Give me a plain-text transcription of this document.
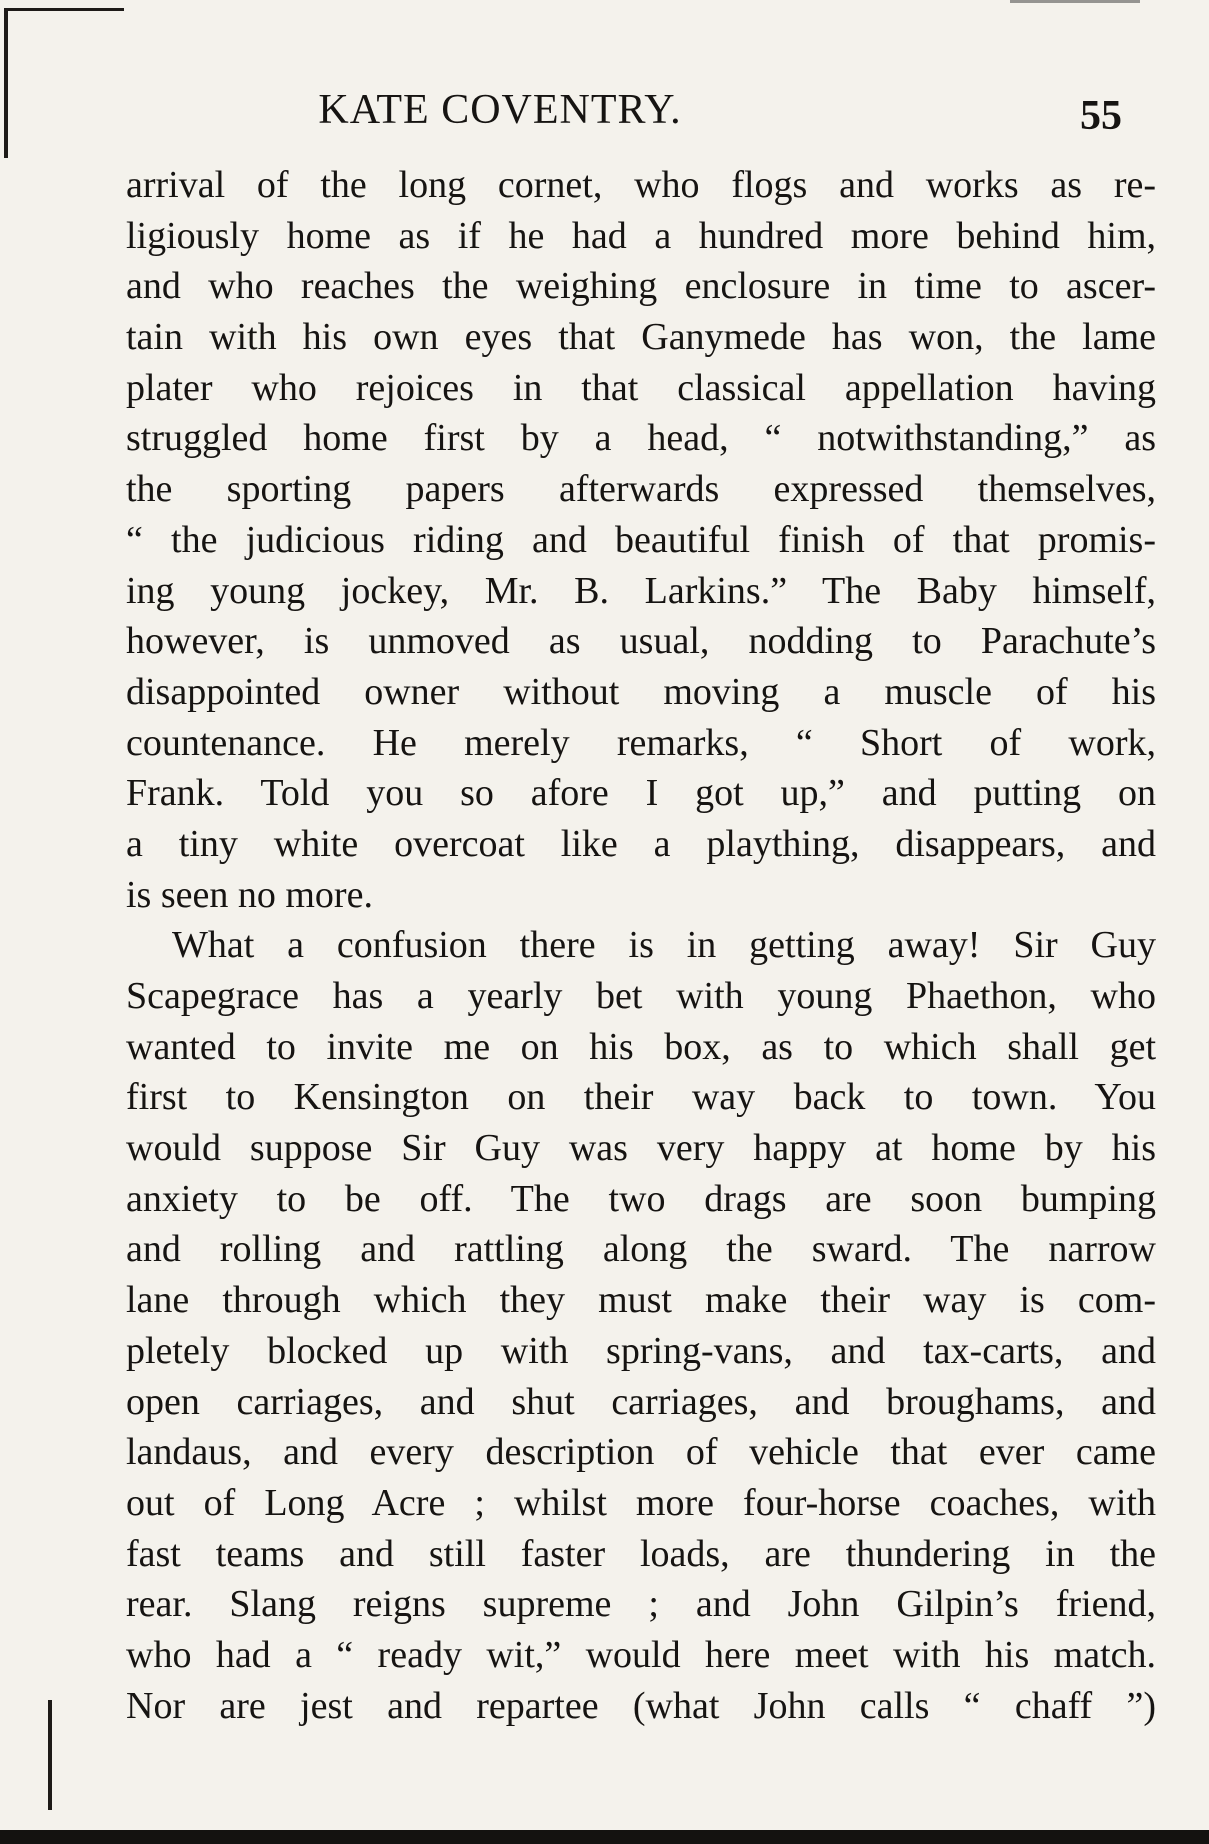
KATE COVENTRY.	55

arrival of the long cornet, who flogs and works as re-
ligiously home as if he had a hundred more behind him,
and who reaches the weighing enclosure in time to ascer-
tain with his own eyes that Ganymede has won, the lame
plater who rejoices in that classical appellation having
struggled home first by a head, “ notwithstanding,” as
the sporting papers afterwards expressed themselves,
“ the judicious riding and beautiful finish of that promis-
ing young jockey, Mr. B. Larkins.” The Baby himself,
however, is unmoved as usual, nodding to Parachute’s
disappointed owner without moving a muscle of his
countenance. He merely remarks, “ Short of work,
Frank. Told you so afore I got up,” and putting on
a tiny white overcoat like a plaything, disappears, and
is seen no more.

What a confusion there is in getting away! Sir Guy
Scapegrace has a yearly bet with young Phaethon, who
wanted to invite me on his box, as to which shall get
first to Kensington on their way back to town. You
would suppose Sir Guy was very happy at home by his
anxiety to be off. The two drags are soon bumping
and rolling and rattling along the sward. The narrow
lane through which they must make their way is com-
pletely blocked up with spring-vans, and tax-carts, and
open carriages, and shut carriages, and broughams, and
landaus, and every description of vehicle that ever came
out of Long Acre ; whilst more four-horse coaches, with
fast teams and still faster loads, are thundering in the
rear. Slang reigns supreme ; and John Gilpin’s friend,
who had a “ ready wit,” would here meet with his match.
Nor are jest and repartee (what John calls “ chaff ”)
